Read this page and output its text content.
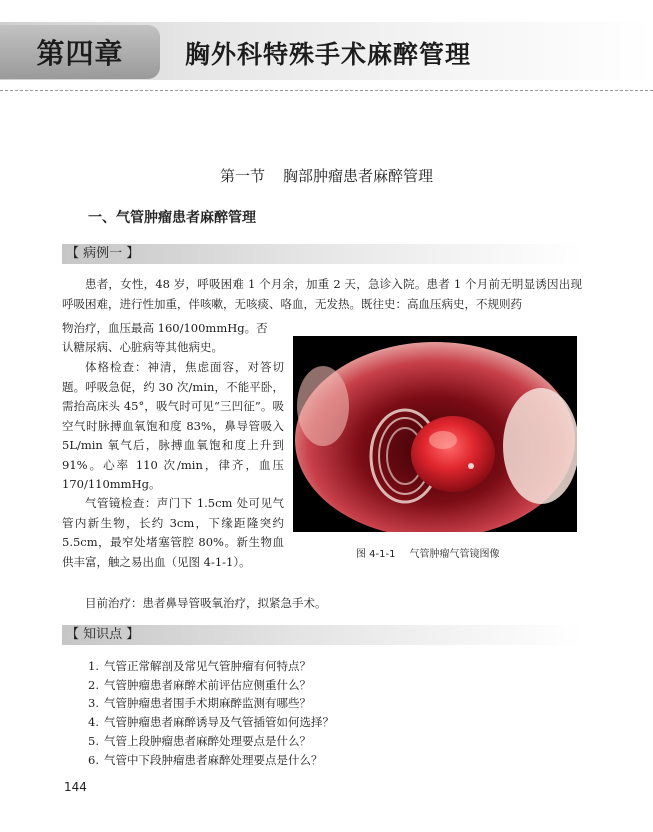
第四章	胸外科特殊手术麻醉管理
第一节 胸部肿瘤患者麻醉管理
一、气管肿瘤患者麻醉管理
【 病例一 】
患者，女性，48 岁，呼吸困难 1 个月余，加重 2 天，急诊入院。患者 1 个月前无明显诱因出现呼吸困难，进行性加重，伴咳嗽，无咳痰、咯血，无发热。既往史：高血压病史，不规则药
物治疗，血压最高 160/100mmHg。否
认糖尿病、心脏病等其他病史。
体格检查：神清，焦虑面容，对答切题。呼吸急促，约 30 次/min，不能平卧，需抬高床头 45°，吸气时可见“三凹征”。吸空气时脉搏血氧饱和度 83%，鼻导管吸入 5L/min 氧气后，脉搏血氧饱和度上升到 91%。心率 110 次/min，律齐，血压 170/110mmHg。
气管镜检查：声门下 1.5cm 处可见气管内新生物，长约 3cm，下缘距隆突约 5.5cm，最窄处堵塞管腔 80%。新生物血供丰富，触之易出血（见图 4-1-1）。
目前治疗：患者鼻导管吸氧治疗，拟紧急手术。
图 4-1-1 气管肿瘤气管镜图像
【 知识点 】
1. 气管正常解剖及常见气管肿瘤有何特点？
2. 气管肿瘤患者麻醉术前评估应侧重什么？
3. 气管肿瘤患者围手术期麻醉监测有哪些？
4. 气管肿瘤患者麻醉诱导及气管插管如何选择？
5. 气管上段肿瘤患者麻醉处理要点是什么？
6. 气管中下段肿瘤患者麻醉处理要点是什么？
144
